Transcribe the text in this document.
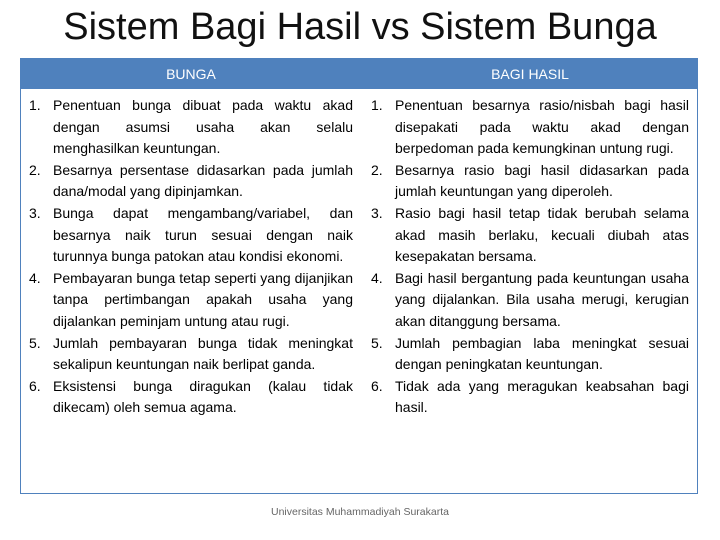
Sistem Bagi Hasil vs Sistem Bunga
BUNGA	BAGI HASIL
1. Penentuan bunga dibuat pada waktu akad dengan asumsi usaha akan selalu menghasilkan keuntungan.
2. Besarnya persentase didasarkan pada jumlah dana/modal yang dipinjamkan.
3. Bunga dapat mengambang/variabel, dan besarnya naik turun sesuai dengan naik turunnya bunga patokan atau kondisi ekonomi.
4. Pembayaran bunga tetap seperti yang dijanjikan tanpa pertimbangan apakah usaha yang dijalankan peminjam untung atau rugi.
5. Jumlah pembayaran bunga tidak meningkat sekalipun keuntungan naik berlipat ganda.
6. Eksistensi bunga diragukan (kalau tidak dikecam) oleh semua agama.
1. Penentuan besarnya rasio/nisbah bagi hasil disepakati pada waktu akad dengan berpedoman pada kemungkinan untung rugi.
2. Besarnya rasio bagi hasil didasarkan pada jumlah keuntungan yang diperoleh.
3. Rasio bagi hasil tetap tidak berubah selama akad masih berlaku, kecuali diubah atas kesepakatan bersama.
4. Bagi hasil bergantung pada keuntungan usaha yang dijalankan. Bila usaha merugi, kerugian akan ditanggung bersama.
5. Jumlah pembagian laba meningkat sesuai dengan peningkatan keuntungan.
6. Tidak ada yang meragukan keabsahan bagi hasil.
Universitas Muhammadiyah Surakarta
